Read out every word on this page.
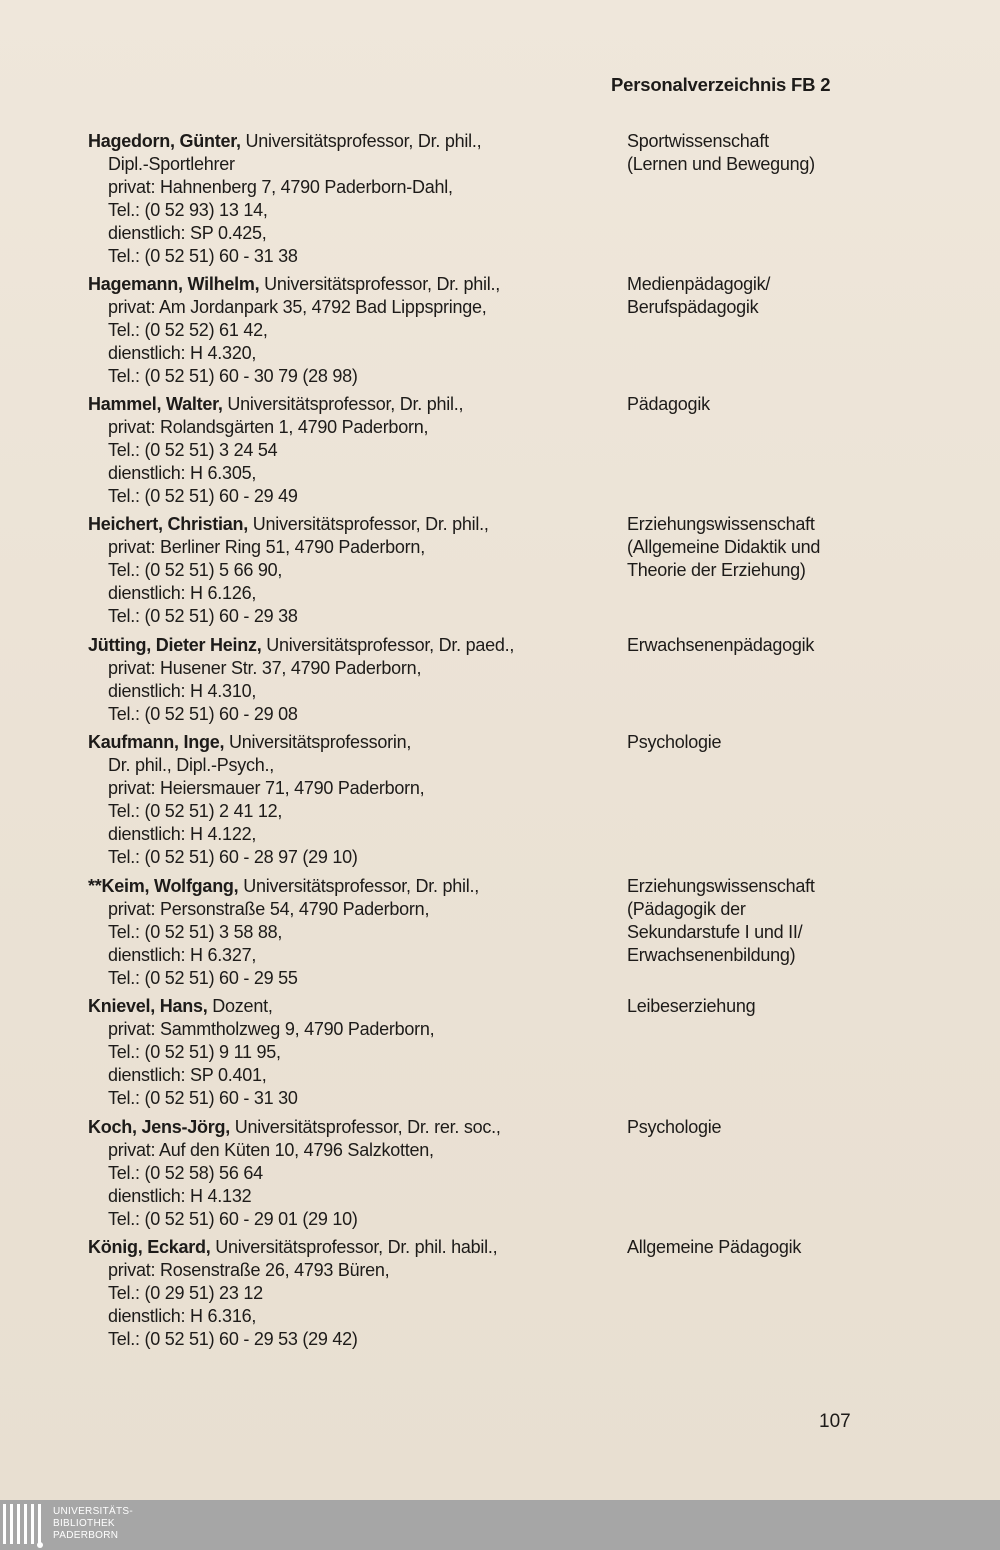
Personalverzeichnis FB 2
Hagedorn, Günter, Universitätsprofessor, Dr. phil.,
Dipl.-Sportlehrer
privat: Hahnenberg 7, 4790 Paderborn-Dahl,
Tel.: (0 52 93) 13 14,
dienstlich: SP 0.425,
Tel.: (0 52 51) 60 - 31 38
Sportwissenschaft
(Lernen und Bewegung)
Hagemann, Wilhelm, Universitätsprofessor, Dr. phil.,
privat: Am Jordanpark 35, 4792 Bad Lippspringe,
Tel.: (0 52 52) 61 42,
dienstlich: H 4.320,
Tel.: (0 52 51) 60 - 30 79 (28 98)
Medienpädagogik/
Berufspädagogik
Hammel, Walter, Universitätsprofessor, Dr. phil.,
privat: Rolandsgärten 1, 4790 Paderborn,
Tel.: (0 52 51) 3 24 54
dienstlich: H 6.305,
Tel.: (0 52 51) 60 - 29 49
Pädagogik
Heichert, Christian, Universitätsprofessor, Dr. phil.,
privat: Berliner Ring 51, 4790 Paderborn,
Tel.: (0 52 51) 5 66 90,
dienstlich: H 6.126,
Tel.: (0 52 51) 60 - 29 38
Erziehungswissenschaft
(Allgemeine Didaktik und
Theorie der Erziehung)
Jütting, Dieter Heinz, Universitätsprofessor, Dr. paed.,
privat: Husener Str. 37, 4790 Paderborn,
dienstlich: H 4.310,
Tel.: (0 52 51) 60 - 29 08
Erwachsenenpädagogik
Kaufmann, Inge, Universitätsprofessorin,
Dr. phil., Dipl.-Psych.,
privat: Heiersmauer 71, 4790 Paderborn,
Tel.: (0 52 51) 2 41 12,
dienstlich: H 4.122,
Tel.: (0 52 51) 60 - 28 97 (29 10)
Psychologie
**Keim, Wolfgang, Universitätsprofessor, Dr. phil.,
privat: Personstraße 54, 4790 Paderborn,
Tel.: (0 52 51) 3 58 88,
dienstlich: H 6.327,
Tel.: (0 52 51) 60 - 29 55
Erziehungswissenschaft
(Pädagogik der
Sekundarstufe I und II/
Erwachsenenbildung)
Knievel, Hans, Dozent,
privat: Sammtholzweg 9, 4790 Paderborn,
Tel.: (0 52 51) 9 11 95,
dienstlich: SP 0.401,
Tel.: (0 52 51) 60 - 31 30
Leibeserziehung
Koch, Jens-Jörg, Universitätsprofessor, Dr. rer. soc.,
privat: Auf den Küten 10, 4796 Salzkotten,
Tel.: (0 52 58) 56 64
dienstlich: H 4.132
Tel.: (0 52 51) 60 - 29 01 (29 10)
Psychologie
König, Eckard, Universitätsprofessor, Dr. phil. habil.,
privat: Rosenstraße 26, 4793 Büren,
Tel.: (0 29 51) 23 12
dienstlich: H 6.316,
Tel.: (0 52 51) 60 - 29 53 (29 42)
Allgemeine Pädagogik
107
UNIVERSITÄTS-
BIBLIOTHEK
PADERBORN
